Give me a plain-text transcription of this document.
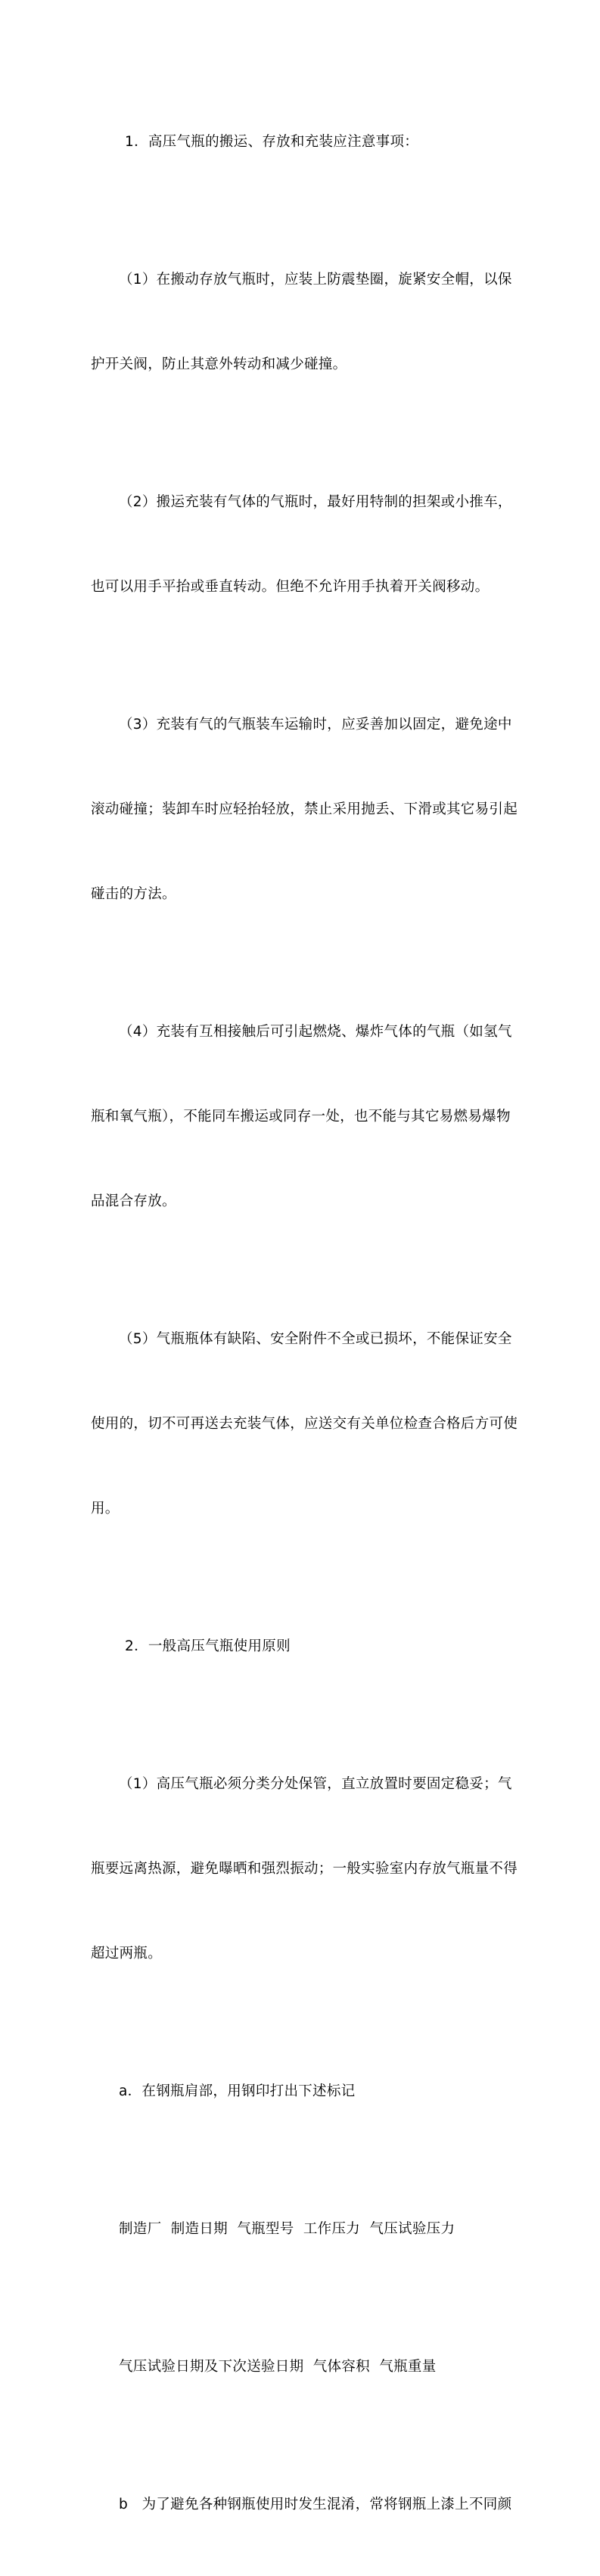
1．高压气瓶的搬运、存放和充装应注意事项：

（1）在搬动存放气瓶时，应装上防震垫圈，旋紧安全帽，以保

护开关阀，防止其意外转动和减少碰撞。

（2）搬运充装有气体的气瓶时，最好用特制的担架或小推车，

也可以用手平抬或垂直转动。但绝不允许用手执着开关阀移动。

（3）充装有气的气瓶装车运输时，应妥善加以固定，避免途中

滚动碰撞；装卸车时应轻抬轻放，禁止采用抛丢、下滑或其它易引起

碰击的方法。

（4）充装有互相接触后可引起燃烧、爆炸气体的气瓶（如氢气

瓶和氧气瓶），不能同车搬运或同存一处，也不能与其它易燃易爆物

品混合存放。

（5）气瓶瓶体有缺陷、安全附件不全或已损坏，不能保证安全

使用的，切不可再送去充装气体，应送交有关单位检查合格后方可使

用。

2．一般高压气瓶使用原则

（1）高压气瓶必须分类分处保管，直立放置时要固定稳妥；气

瓶要远离热源，避免曝晒和强烈振动；一般实验室内存放气瓶量不得

超过两瓶。

a．在钢瓶肩部，用钢印打出下述标记

制造厂  制造日期  气瓶型号  工作压力  气压试验压力

气压试验日期及下次送验日期  气体容积  气瓶重量

b   为了避免各种钢瓶使用时发生混淆，常将钢瓶上漆上不同颜
